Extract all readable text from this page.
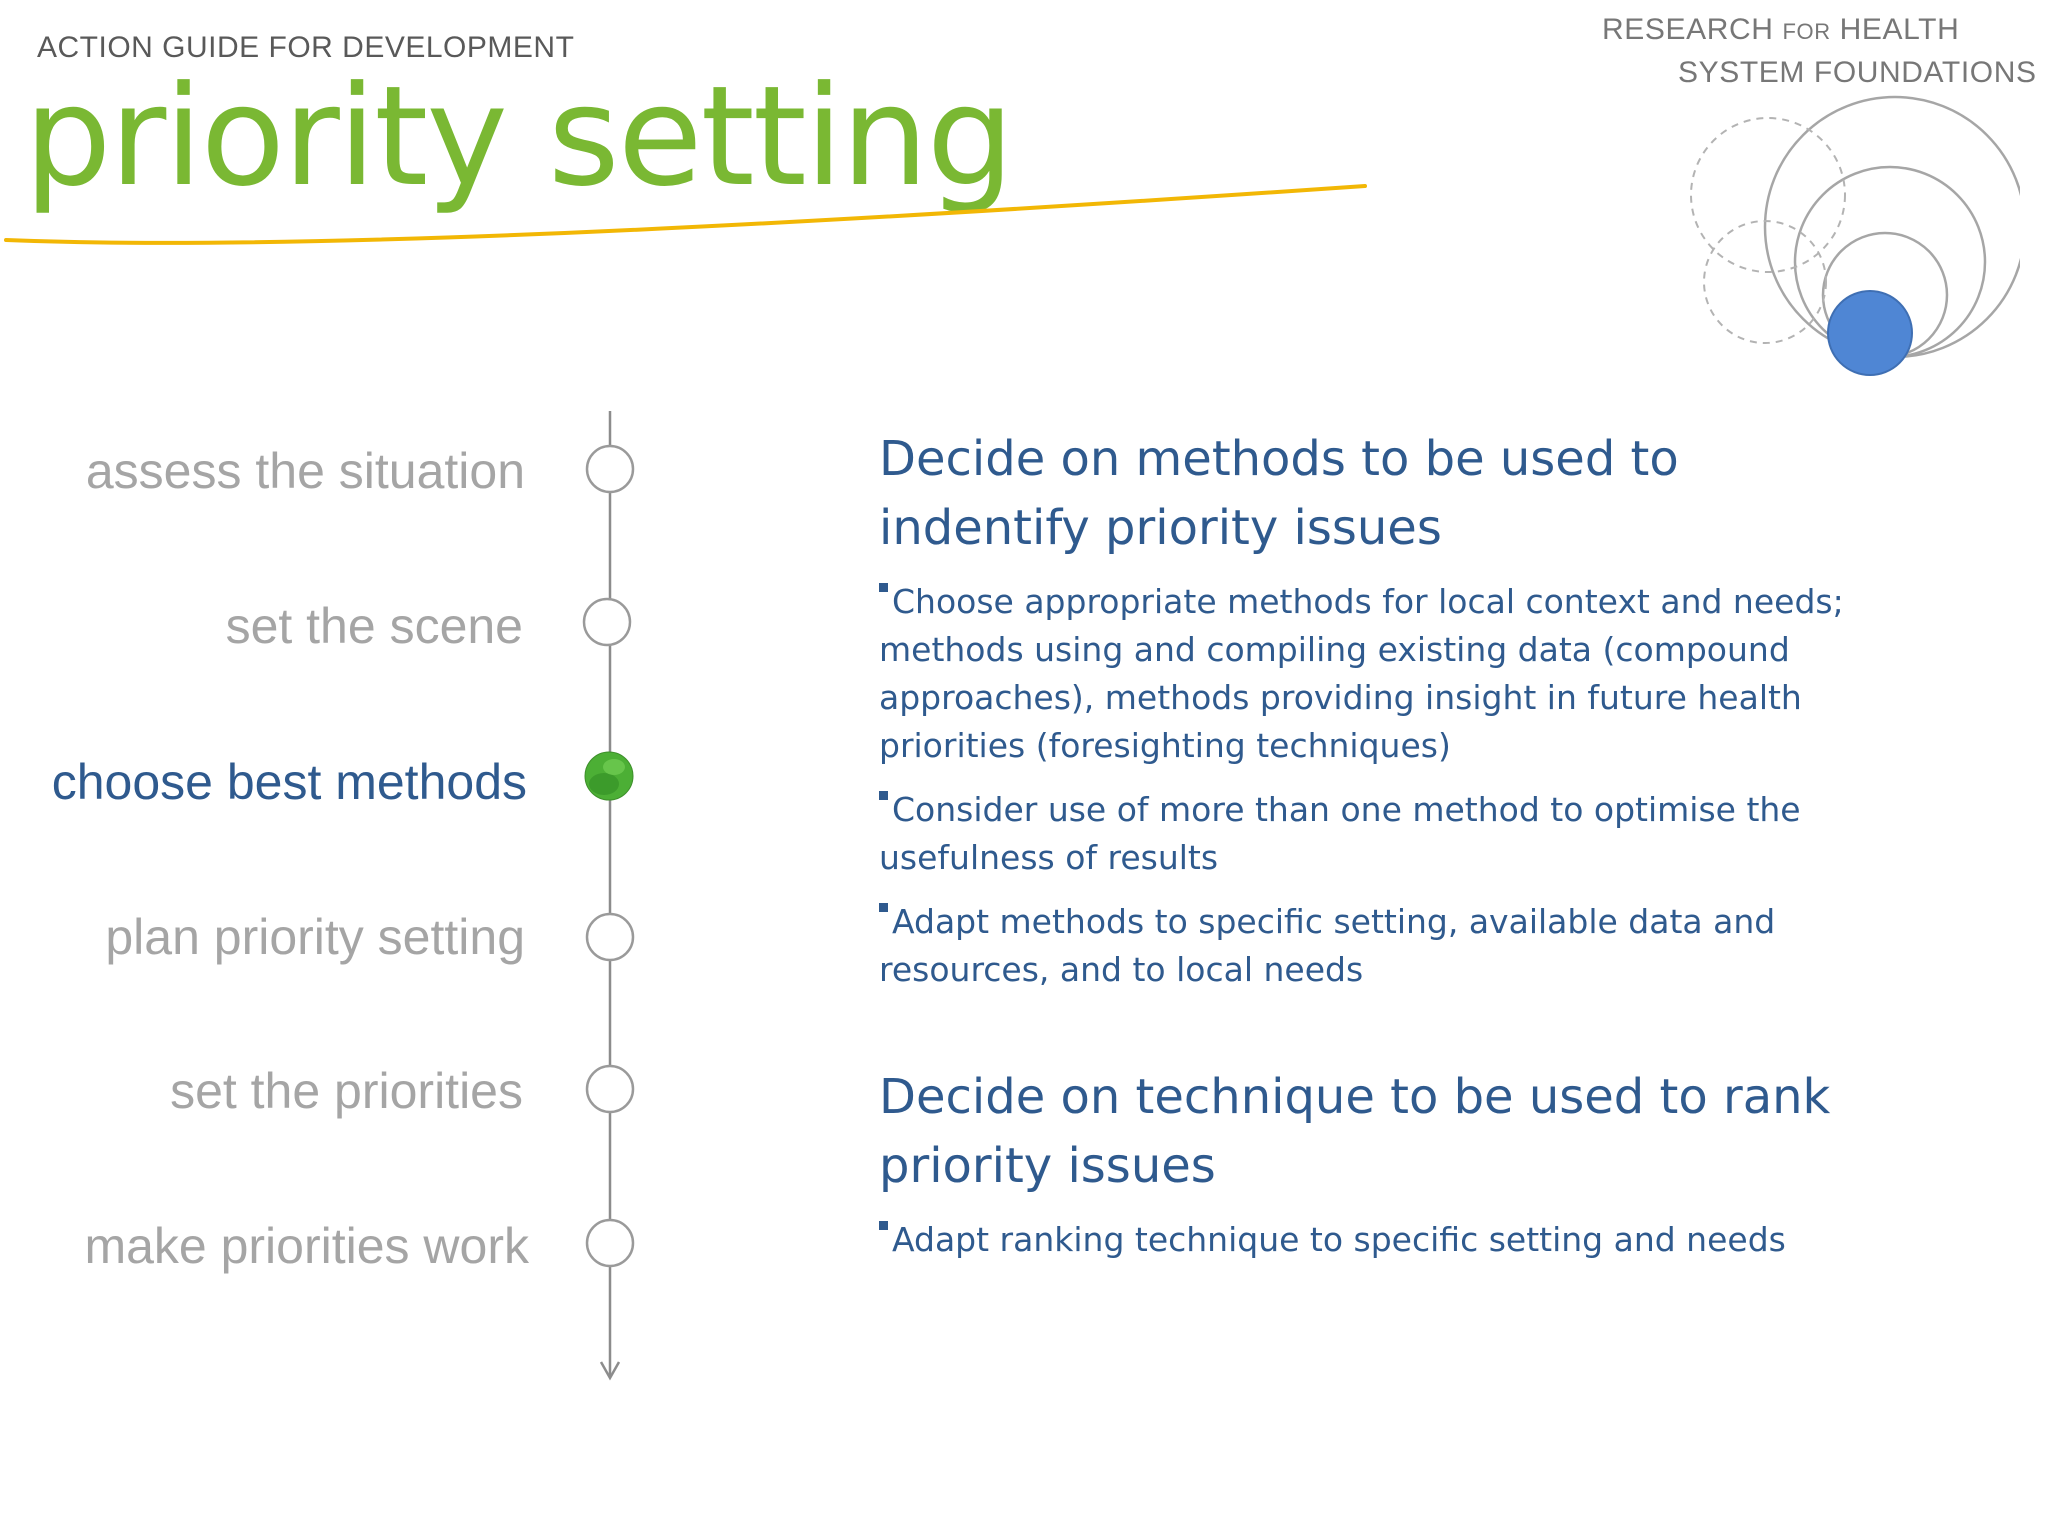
ACTION GUIDE FOR DEVELOPMENT
priority setting
RESEARCH FOR HEALTH
SYSTEM FOUNDATIONS
assess the situation
set the scene
choose best methods
plan priority setting
set the priorities
make priorities work

Decide on methods to be used to indentify priority issues

Choose appropriate methods for local context and needs; methods using and compiling existing data (compound approaches), methods providing insight in future health priorities (foresighting techniques)

Consider use of more than one method to optimise the usefulness of results

Adapt methods to specific setting, available data and resources, and to local needs

Decide on technique to be used to rank priority issues

Adapt ranking technique to specific setting and needs
